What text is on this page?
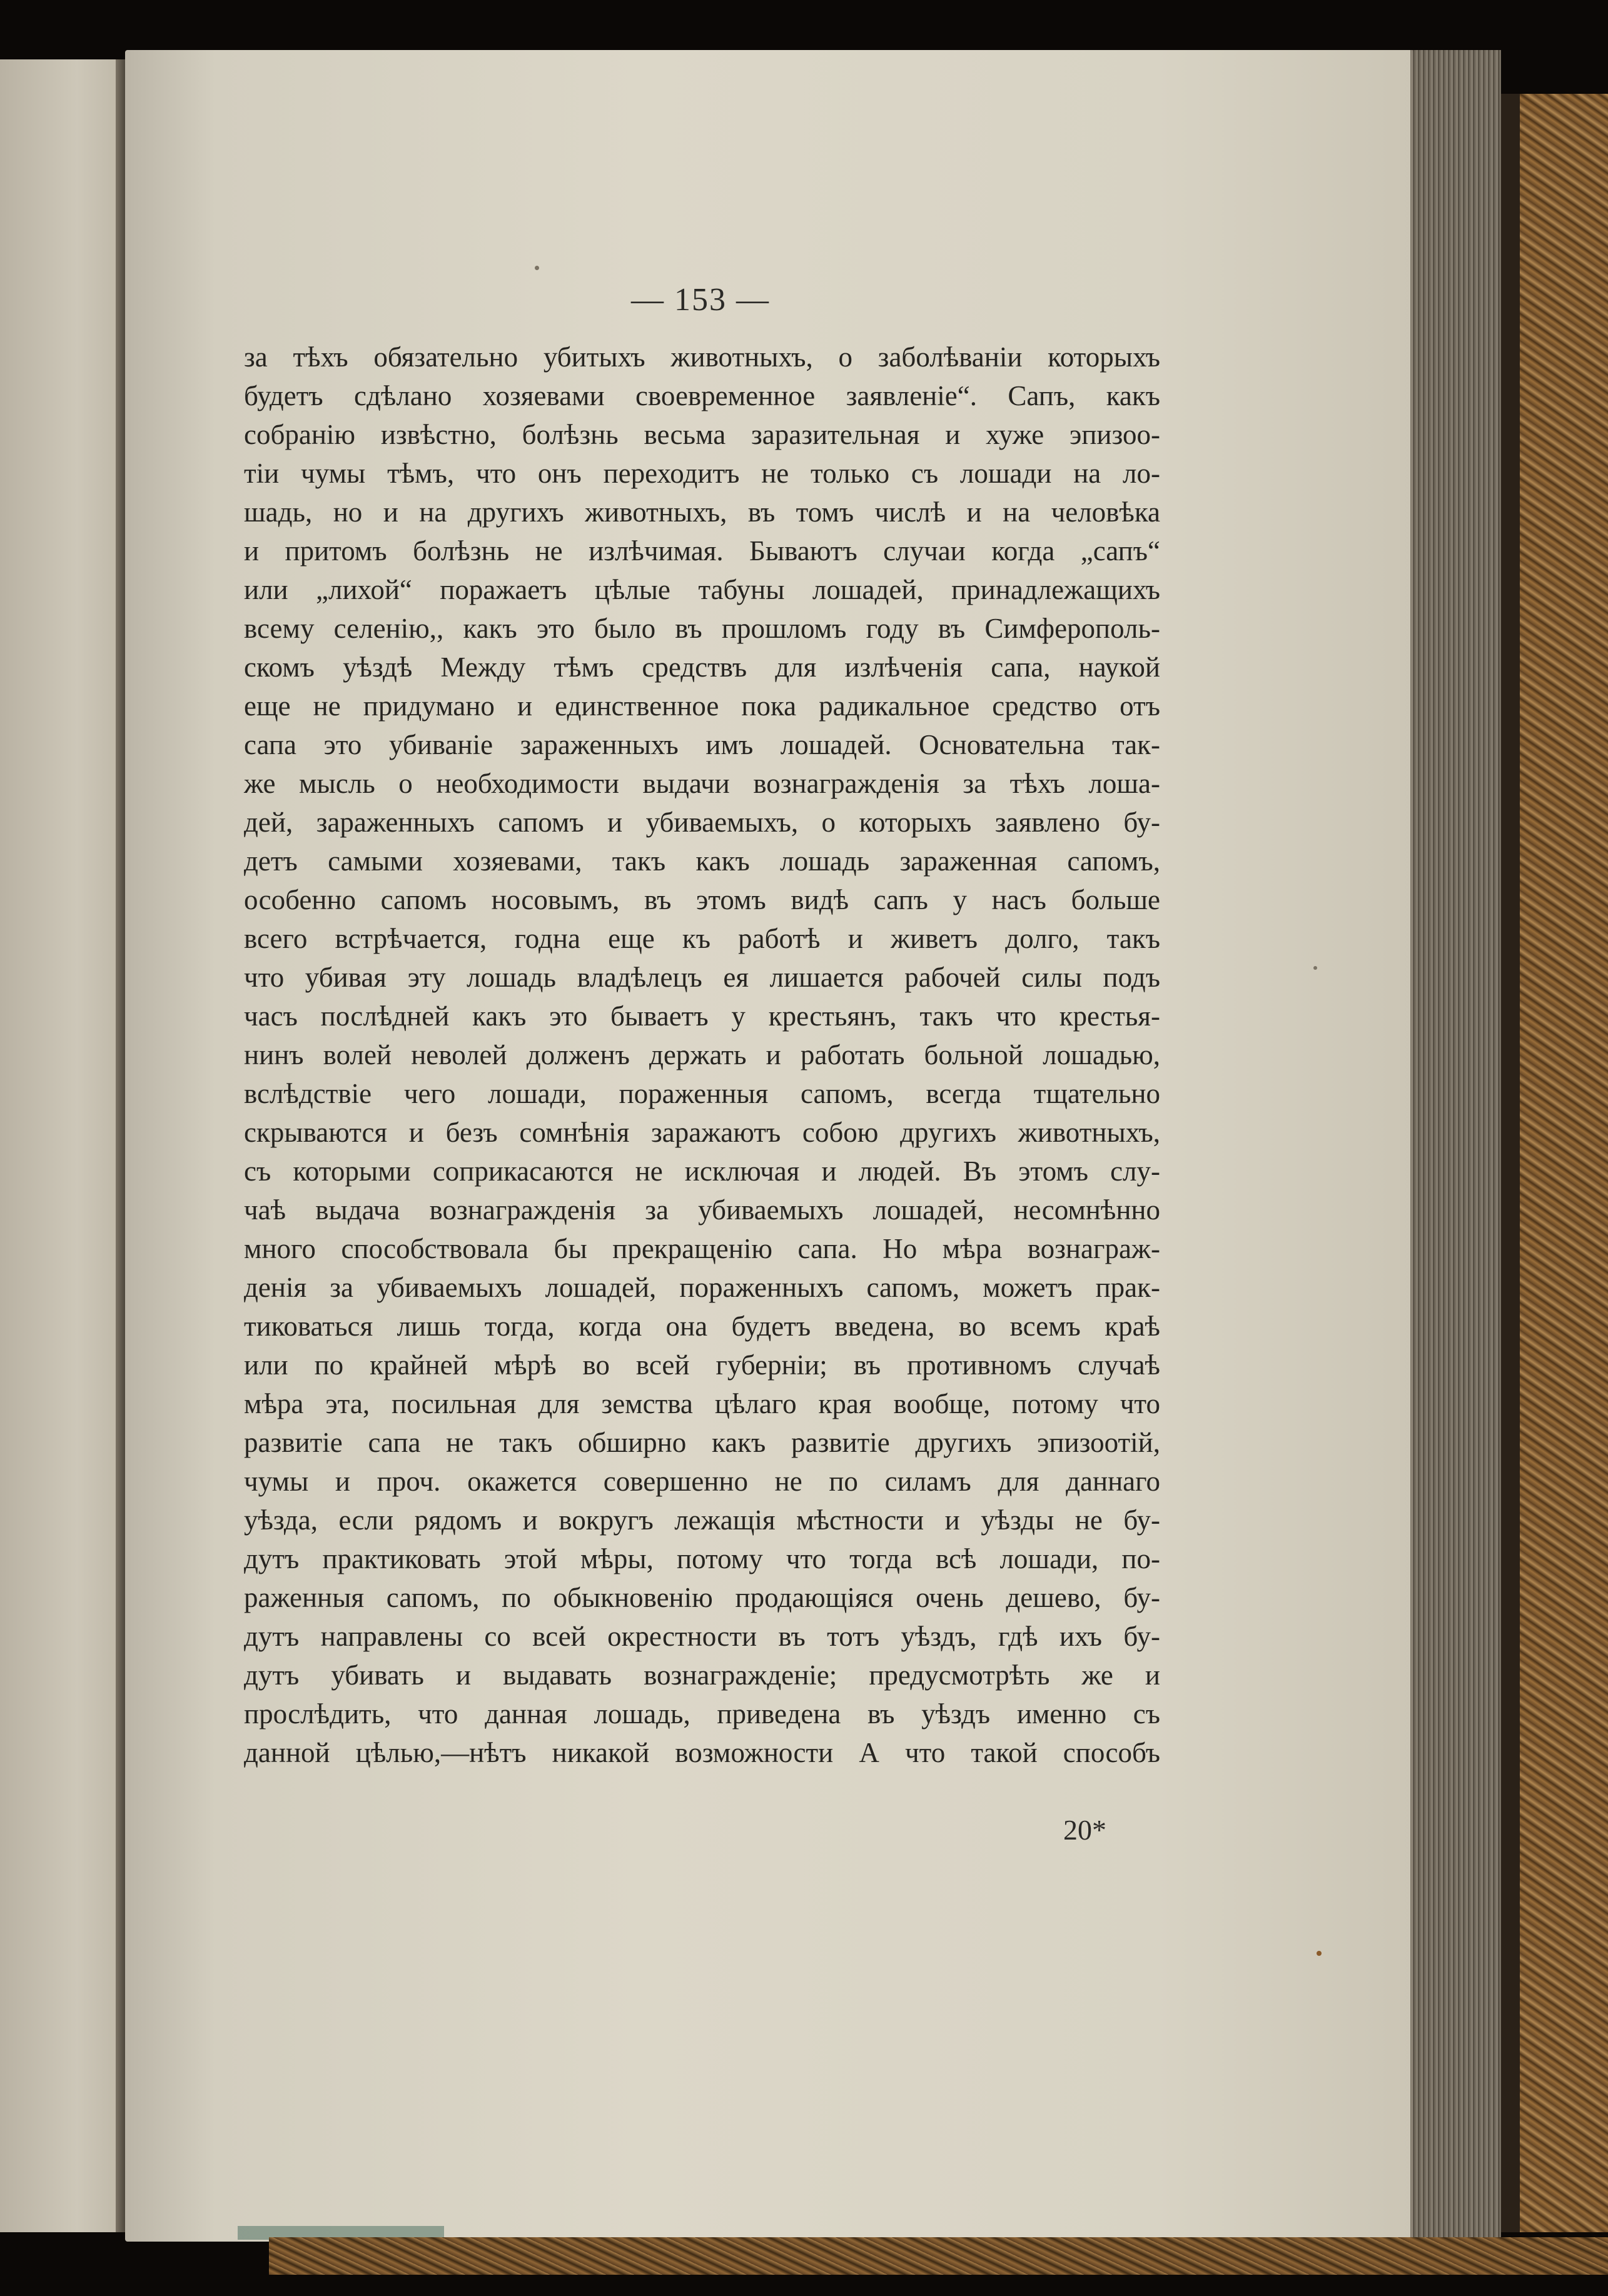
— 153 —
за тѣхъ обязательно убитыхъ животныхъ, о заболѣваніи которыхъ
будетъ сдѣлано хозяевами своевременное заявленіе“. Сапъ, какъ
собранію извѣстно, болѣзнь весьма заразительная и хуже эпизоо-
тіи чумы тѣмъ, что онъ переходитъ не только съ лошади на ло-
шадь, но и на другихъ животныхъ, въ томъ числѣ и на человѣка
и притомъ болѣзнь не излѣчимая. Бываютъ случаи когда „сапъ“
или „лихой“ поражаетъ цѣлые табуны лошадей, принадлежащихъ
всему селенію,, какъ это было въ прошломъ году въ Симферополь-
скомъ уѣздѣ Между тѣмъ средствъ для излѣченія сапа, наукой
еще не придумано и единственное пока радикальное средство отъ
сапа это убиваніе зараженныхъ имъ лошадей. Основательна так-
же мысль о необходимости выдачи вознагражденія за тѣхъ лоша-
дей, зараженныхъ сапомъ и убиваемыхъ, о которыхъ заявлено бу-
детъ самыми хозяевами, такъ какъ лошадь зараженная сапомъ,
особенно сапомъ носовымъ, въ этомъ видѣ сапъ у насъ больше
всего встрѣчается, годна еще къ работѣ и живетъ долго, такъ
что убивая эту лошадь владѣлецъ ея лишается рабочей силы подъ
часъ послѣдней какъ это бываетъ у крестьянъ, такъ что крестья-
нинъ волей неволей долженъ держать и работать больной лошадью,
вслѣдствіе чего лошади, пораженныя сапомъ, всегда тщательно
скрываются и безъ сомнѣнія заражаютъ собою другихъ животныхъ,
съ которыми соприкасаются не исключая и людей. Въ этомъ слу-
чаѣ выдача вознагражденія за убиваемыхъ лошадей, несомнѣнно
много способствовала бы прекращенію сапа. Но мѣра вознаграж-
денія за убиваемыхъ лошадей, пораженныхъ сапомъ, можетъ прак-
тиковаться лишь тогда, когда она будетъ введена, во всемъ краѣ
или по крайней мѣрѣ во всей губерніи; въ противномъ случаѣ
мѣра эта, посильная для земства цѣлаго края вообще, потому что
развитіе сапа не такъ обширно какъ развитіе другихъ эпизоотій,
чумы и проч. окажется совершенно не по силамъ для даннаго
уѣзда, если рядомъ и вокругъ лежащія мѣстности и уѣзды не бу-
дутъ практиковать этой мѣры, потому что тогда всѣ лошади, по-
раженныя сапомъ, по обыкновенію продающіяся очень дешево, бу-
дутъ направлены со всей окрестности въ тотъ уѣздъ, гдѣ ихъ бу-
дутъ убивать и выдавать вознагражденіе; предусмотрѣть же и
прослѣдить, что данная лошадь, приведена въ уѣздъ именно съ
данной цѣлью,—нѣтъ никакой возможности А что такой способъ
20*
